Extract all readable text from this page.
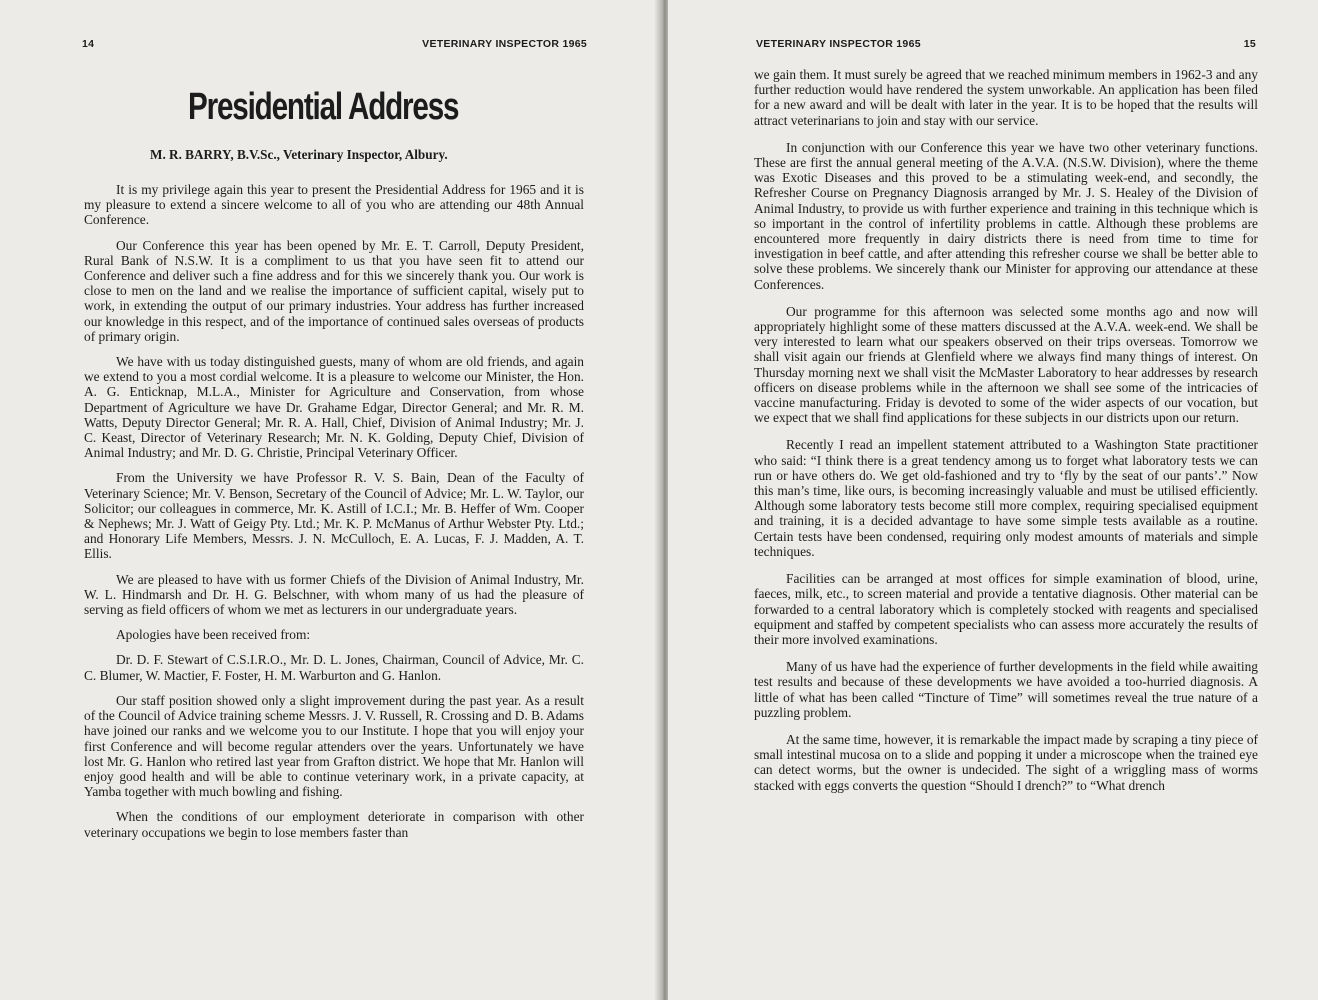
14	VETERINARY INSPECTOR 1965
Presidential Address
M. R. BARRY, B.V.Sc., Veterinary Inspector, Albury.

It is my privilege again this year to present the Presidential Address for 1965 and it is my pleasure to extend a sincere welcome to all of you who are attending our 48th Annual Conference.

Our Conference this year has been opened by Mr. E. T. Carroll, Deputy President, Rural Bank of N.S.W. It is a compliment to us that you have seen fit to attend our Conference and deliver such a fine address and for this we sincerely thank you. Our work is close to men on the land and we realise the importance of sufficient capital, wisely put to work, in extending the output of our primary industries. Your address has further increased our knowledge in this respect, and of the importance of continued sales overseas of products of primary origin.

We have with us today distinguished guests, many of whom are old friends, and again we extend to you a most cordial welcome. It is a pleasure to welcome our Minister, the Hon. A. G. Enticknap, M.L.A., Minister for Agriculture and Conservation, from whose Department of Agriculture we have Dr. Grahame Edgar, Director General; and Mr. R. M. Watts, Deputy Director General; Mr. R. A. Hall, Chief, Division of Animal Industry; Mr. J. C. Keast, Director of Veterinary Research; Mr. N. K. Golding, Deputy Chief, Division of Animal Industry; and Mr. D. G. Christie, Principal Veterinary Officer.

From the University we have Professor R. V. S. Bain, Dean of the Faculty of Veterinary Science; Mr. V. Benson, Secretary of the Council of Advice; Mr. L. W. Taylor, our Solicitor; our colleagues in commerce, Mr. K. Astill of I.C.I.; Mr. B. Heffer of Wm. Cooper & Nephews; Mr. J. Watt of Geigy Pty. Ltd.; Mr. K. P. McManus of Arthur Webster Pty. Ltd.; and Honorary Life Members, Messrs. J. N. McCulloch, E. A. Lucas, F. J. Madden, A. T. Ellis.

We are pleased to have with us former Chiefs of the Division of Animal Industry, Mr. W. L. Hindmarsh and Dr. H. G. Belschner, with whom many of us had the pleasure of serving as field officers of whom we met as lecturers in our undergraduate years.

Apologies have been received from:

Dr. D. F. Stewart of C.S.I.R.O., Mr. D. L. Jones, Chairman, Council of Advice, Mr. C. C. Blumer, W. Mactier, F. Foster, H. M. Warburton and G. Hanlon.

Our staff position showed only a slight improvement during the past year. As a result of the Council of Advice training scheme Messrs. J. V. Russell, R. Crossing and D. B. Adams have joined our ranks and we welcome you to our Institute. I hope that you will enjoy your first Conference and will become regular attenders over the years. Unfortunately we have lost Mr. G. Hanlon who retired last year from Grafton district. We hope that Mr. Hanlon will enjoy good health and will be able to continue veterinary work, in a private capacity, at Yamba together with much bowling and fishing.

When the conditions of our employment deteriorate in comparison with other veterinary occupations we begin to lose members faster than

VETERINARY INSPECTOR 1965	15

we gain them. It must surely be agreed that we reached minimum members in 1962-3 and any further reduction would have rendered the system unworkable. An application has been filed for a new award and will be dealt with later in the year. It is to be hoped that the results will attract veterinarians to join and stay with our service.

In conjunction with our Conference this year we have two other veterinary functions. These are first the annual general meeting of the A.V.A. (N.S.W. Division), where the theme was Exotic Diseases and this proved to be a stimulating week-end, and secondly, the Refresher Course on Pregnancy Diagnosis arranged by Mr. J. S. Healey of the Division of Animal Industry, to provide us with further experience and training in this technique which is so important in the control of infertility problems in cattle. Although these problems are encountered more frequently in dairy districts there is need from time to time for investigation in beef cattle, and after attending this refresher course we shall be better able to solve these problems. We sincerely thank our Minister for approving our attendance at these Conferences.

Our programme for this afternoon was selected some months ago and now will appropriately highlight some of these matters discussed at the A.V.A. week-end. We shall be very interested to learn what our speakers observed on their trips overseas. Tomorrow we shall visit again our friends at Glenfield where we always find many things of interest. On Thursday morning next we shall visit the McMaster Laboratory to hear addresses by research officers on disease problems while in the afternoon we shall see some of the intricacies of vaccine manufacturing. Friday is devoted to some of the wider aspects of our vocation, but we expect that we shall find applications for these subjects in our districts upon our return.

Recently I read an impellent statement attributed to a Washington State practitioner who said: “I think there is a great tendency among us to forget what laboratory tests we can run or have others do. We get old-fashioned and try to ‘fly by the seat of our pants’.” Now this man’s time, like ours, is becoming increasingly valuable and must be utilised efficiently. Although some laboratory tests become still more complex, requiring specialised equipment and training, it is a decided advantage to have some simple tests available as a routine. Certain tests have been condensed, requiring only modest amounts of materials and simple techniques.

Facilities can be arranged at most offices for simple examination of blood, urine, faeces, milk, etc., to screen material and provide a tentative diagnosis. Other material can be forwarded to a central laboratory which is completely stocked with reagents and specialised equipment and staffed by competent specialists who can assess more accurately the results of their more involved examinations.

Many of us have had the experience of further developments in the field while awaiting test results and because of these developments we have avoided a too-hurried diagnosis. A little of what has been called “Tincture of Time” will sometimes reveal the true nature of a puzzling problem.

At the same time, however, it is remarkable the impact made by scraping a tiny piece of small intestinal mucosa on to a slide and popping it under a microscope when the trained eye can detect worms, but the owner is undecided. The sight of a wriggling mass of worms stacked with eggs converts the question “Should I drench?” to “What drench
